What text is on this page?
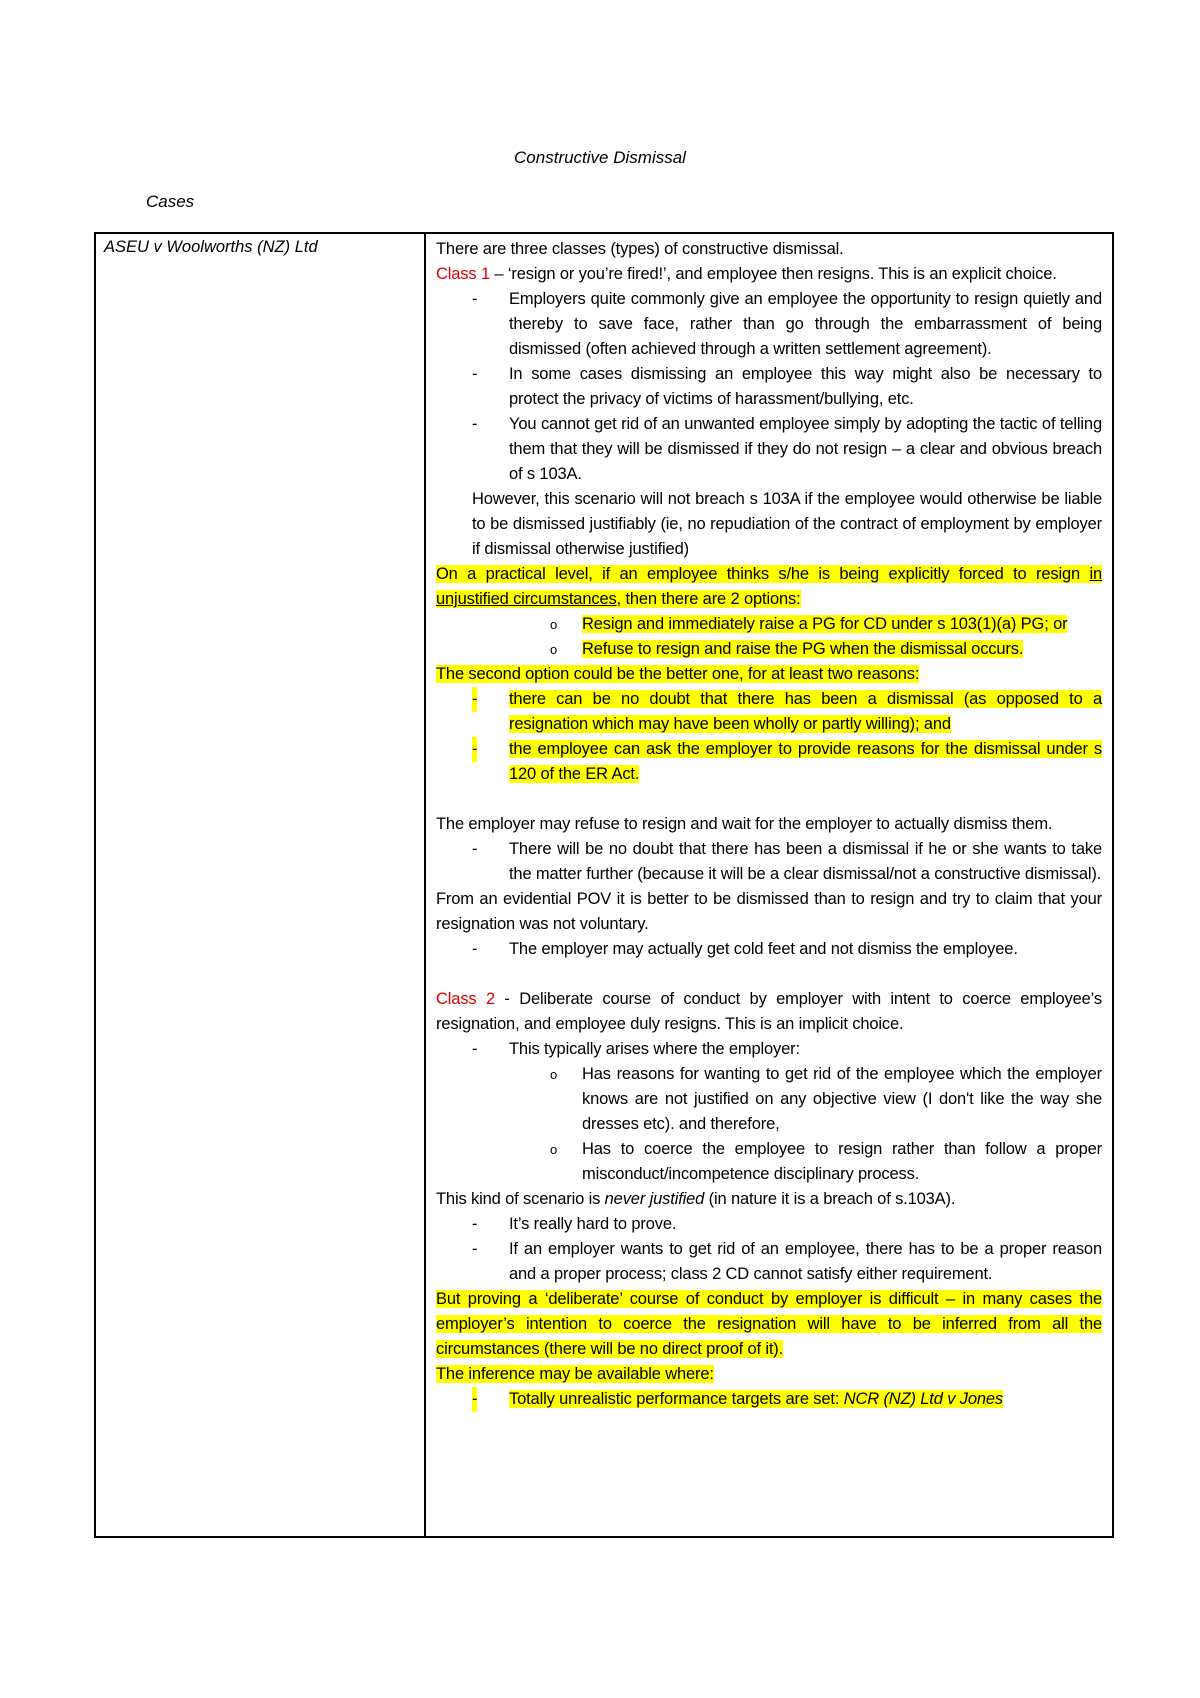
Constructive Dismissal
Cases
ASEU v Woolworths (NZ) Ltd	There are three classes (types) of constructive dismissal.

Class 1 – ‘resign or you’re fired!’, and employee then resigns. This is an explicit choice.

- Employers quite commonly give an employee the opportunity to resign quietly and thereby to save face, rather than go through the embarrassment of being dismissed (often achieved through a written settlement agreement).
- In some cases dismissing an employee this way might also be necessary to protect the privacy of victims of harassment/bullying, etc.
- You cannot get rid of an unwanted employee simply by adopting the tactic of telling them that they will be dismissed if they do not resign – a clear and obvious breach of s 103A.

However, this scenario will not breach s 103A if the employee would otherwise be liable to be dismissed justifiably (ie, no repudiation of the contract of employment by employer if dismissal otherwise justified)

On a practical level, if an employee thinks s/he is being explicitly forced to resign in unjustified circumstances, then there are 2 options:

o Resign and immediately raise a PG for CD under s 103(1)(a) PG; or
o Refuse to resign and raise the PG when the dismissal occurs.

The second option could be the better one, for at least two reasons:

- there can be no doubt that there has been a dismissal (as opposed to a resignation which may have been wholly or partly willing); and
- the employee can ask the employer to provide reasons for the dismissal under s 120 of the ER Act.

The employer may refuse to resign and wait for the employer to actually dismiss them.

- There will be no doubt that there has been a dismissal if he or she wants to take the matter further (because it will be a clear dismissal/not a constructive dismissal).

From an evidential POV it is better to be dismissed than to resign and try to claim that your resignation was not voluntary.

- The employer may actually get cold feet and not dismiss the employee.

Class 2 - Deliberate course of conduct by employer with intent to coerce employee’s resignation, and employee duly resigns. This is an implicit choice.

- This typically arises where the employer:
o Has reasons for wanting to get rid of the employee which the employer knows are not justified on any objective view (I don't like the way she dresses etc). and therefore,
o Has to coerce the employee to resign rather than follow a proper misconduct/incompetence disciplinary process.

This kind of scenario is never justified (in nature it is a breach of s.103A).

- It’s really hard to prove.
- If an employer wants to get rid of an employee, there has to be a proper reason and a proper process; class 2 CD cannot satisfy either requirement.

But proving a ‘deliberate’ course of conduct by employer is difficult – in many cases the employer’s intention to coerce the resignation will have to be inferred from all the circumstances (there will be no direct proof of it).

The inference may be available where:

- Totally unrealistic performance targets are set: NCR (NZ) Ltd v Jones
